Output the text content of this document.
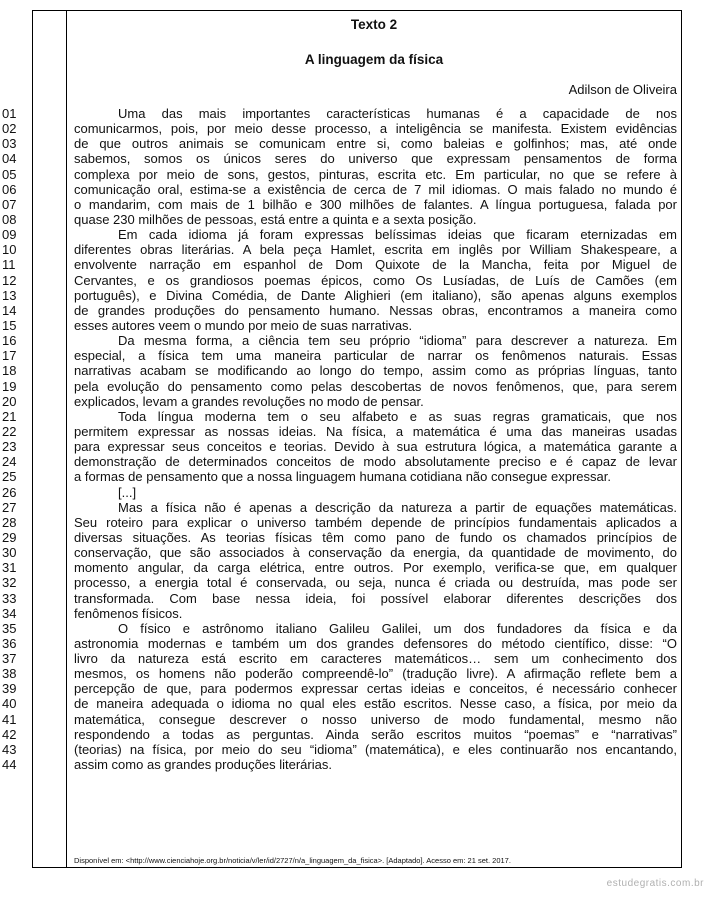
Texto 2
A linguagem da física
Adilson de Oliveira
01
02
03
04
05
06
07
08
09
10
11
12
13
14
15
16
17
18
19
20
21
22
23
24
25
26
27
28
29
30
31
32
33
34
35
36
37
38
39
40
41
42
43
44
Uma das mais importantes características humanas é a capacidade de nos
comunicarmos, pois, por meio desse processo, a inteligência se manifesta. Existem evidências
de que outros animais se comunicam entre si, como baleias e golfinhos; mas, até onde
sabemos, somos os únicos seres do universo que expressam pensamentos de forma
complexa por meio de sons, gestos, pinturas, escrita etc. Em particular, no que se refere à
comunicação oral, estima-se a existência de cerca de 7 mil idiomas. O mais falado no mundo é
o mandarim, com mais de 1 bilhão e 300 milhões de falantes. A língua portuguesa, falada por
quase 230 milhões de pessoas, está entre a quinta e a sexta posição.
Em cada idioma já foram expressas belíssimas ideias que ficaram eternizadas em
diferentes obras literárias. A bela peça Hamlet, escrita em inglês por William Shakespeare, a
envolvente narração em espanhol de Dom Quixote de la Mancha, feita por Miguel de
Cervantes, e os grandiosos poemas épicos, como Os Lusíadas, de Luís de Camões (em
português), e Divina Comédia, de Dante Alighieri (em italiano), são apenas alguns exemplos
de grandes produções do pensamento humano. Nessas obras, encontramos a maneira como
esses autores veem o mundo por meio de suas narrativas.
Da mesma forma, a ciência tem seu próprio “idioma” para descrever a natureza. Em
especial, a física tem uma maneira particular de narrar os fenômenos naturais. Essas
narrativas acabam se modificando ao longo do tempo, assim como as próprias línguas, tanto
pela evolução do pensamento como pelas descobertas de novos fenômenos, que, para serem
explicados, levam a grandes revoluções no modo de pensar.
Toda língua moderna tem o seu alfabeto e as suas regras gramaticais, que nos
permitem expressar as nossas ideias. Na física, a matemática é uma das maneiras usadas
para expressar seus conceitos e teorias. Devido à sua estrutura lógica, a matemática garante a
demonstração de determinados conceitos de modo absolutamente preciso e é capaz de levar
a formas de pensamento que a nossa linguagem humana cotidiana não consegue expressar.
[...]
Mas a física não é apenas a descrição da natureza a partir de equações matemáticas.
Seu roteiro para explicar o universo também depende de princípios fundamentais aplicados a
diversas situações. As teorias físicas têm como pano de fundo os chamados princípios de
conservação, que são associados à conservação da energia, da quantidade de movimento, do
momento angular, da carga elétrica, entre outros. Por exemplo, verifica-se que, em qualquer
processo, a energia total é conservada, ou seja, nunca é criada ou destruída, mas pode ser
transformada. Com base nessa ideia, foi possível elaborar diferentes descrições dos
fenômenos físicos.
O físico e astrônomo italiano Galileu Galilei, um dos fundadores da física e da
astronomia modernas e também um dos grandes defensores do método científico, disse: “O
livro da natureza está escrito em caracteres matemáticos… sem um conhecimento dos
mesmos, os homens não poderão compreendê-lo” (tradução livre). A afirmação reflete bem a
percepção de que, para podermos expressar certas ideias e conceitos, é necessário conhecer
de maneira adequada o idioma no qual eles estão escritos. Nesse caso, a física, por meio da
matemática, consegue descrever o nosso universo de modo fundamental, mesmo não
respondendo a todas as perguntas. Ainda serão escritos muitos “poemas” e “narrativas”
(teorias) na física, por meio do seu “idioma” (matemática), e eles continuarão nos encantando,
assim como as grandes produções literárias.
Disponível em: <http://www.cienciahoje.org.br/noticia/v/ler/id/2727/n/a_linguagem_da_fisica>. [Adaptado]. Acesso em: 21 set. 2017.
estudegratis.com.br
